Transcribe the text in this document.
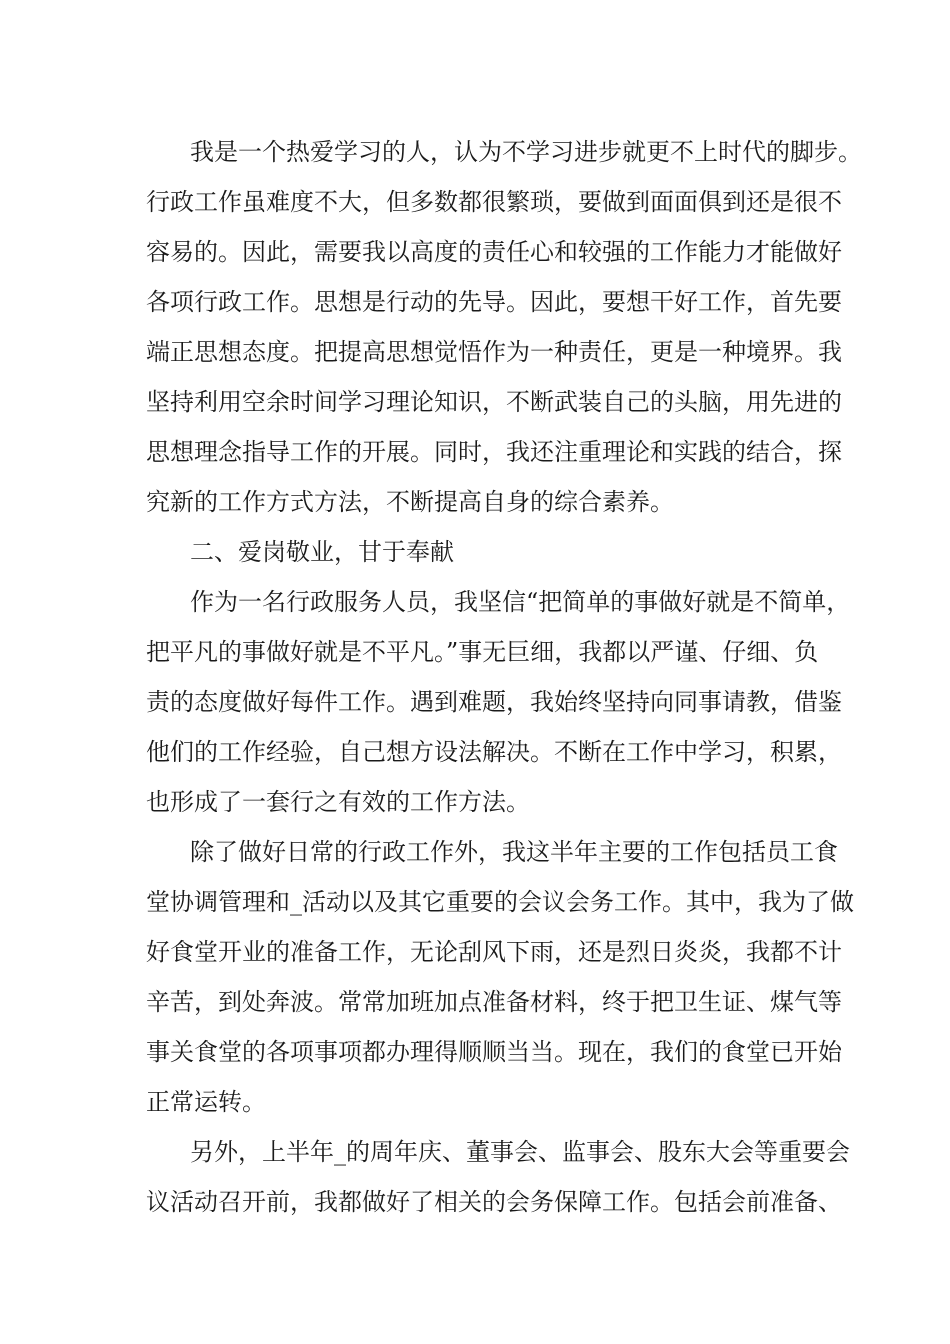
我是一个热爱学习的人，认为不学习进步就更不上时代的脚步。
行政工作虽难度不大，但多数都很繁琐，要做到面面俱到还是很不
容易的。因此，需要我以高度的责任心和较强的工作能力才能做好
各项行政工作。思想是行动的先导。因此，要想干好工作，首先要
端正思想态度。把提高思想觉悟作为一种责任，更是一种境界。我
坚持利用空余时间学习理论知识，不断武装自己的头脑，用先进的
思想理念指导工作的开展。同时，我还注重理论和实践的结合，探
究新的工作方式方法，不断提高自身的综合素养。
二、爱岗敬业，甘于奉献
作为一名行政服务人员，我坚信“把简单的事做好就是不简单，
把平凡的事做好就是不平凡。”事无巨细，我都以严谨、仔细、负
责的态度做好每件工作。遇到难题，我始终坚持向同事请教，借鉴
他们的工作经验，自己想方设法解决。不断在工作中学习，积累，
也形成了一套行之有效的工作方法。
除了做好日常的行政工作外，我这半年主要的工作包括员工食
堂协调管理和_活动以及其它重要的会议会务工作。其中，我为了做
好食堂开业的准备工作，无论刮风下雨，还是烈日炎炎，我都不计
辛苦，到处奔波。常常加班加点准备材料，终于把卫生证、煤气等
事关食堂的各项事项都办理得顺顺当当。现在，我们的食堂已开始
正常运转。
另外，上半年_的周年庆、董事会、监事会、股东大会等重要会
议活动召开前，我都做好了相关的会务保障工作。包括会前准备、
